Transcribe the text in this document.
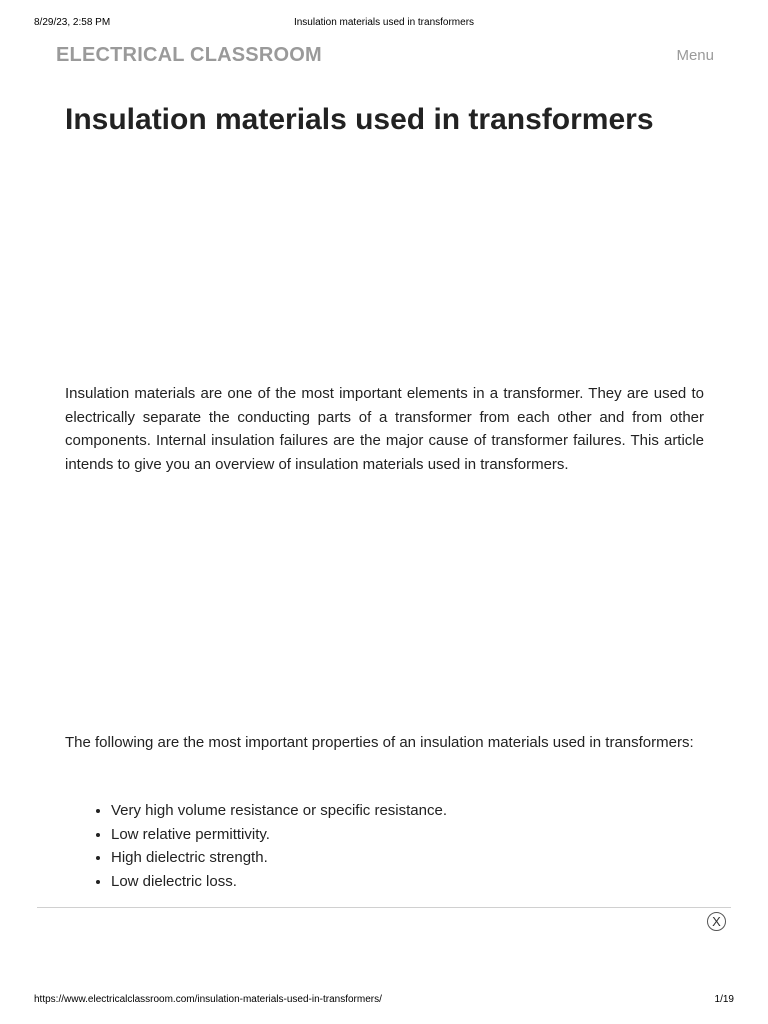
8/29/23, 2:58 PM	Insulation materials used in transformers
ELECTRICAL CLASSROOM	Menu
Insulation materials used in transformers

Insulation materials are one of the most important elements in a transformer. They are used to electrically separate the conducting parts of a transformer from each other and from other components. Internal insulation failures are the major cause of transformer failures. This article intends to give you an overview of insulation materials used in transformers.

The following are the most important properties of an insulation materials used in transformers:

• Very high volume resistance or specific resistance.
• Low relative permittivity.
• High dielectric strength.
• Low dielectric loss.
X
https://www.electricalclassroom.com/insulation-materials-used-in-transformers/	1/19
